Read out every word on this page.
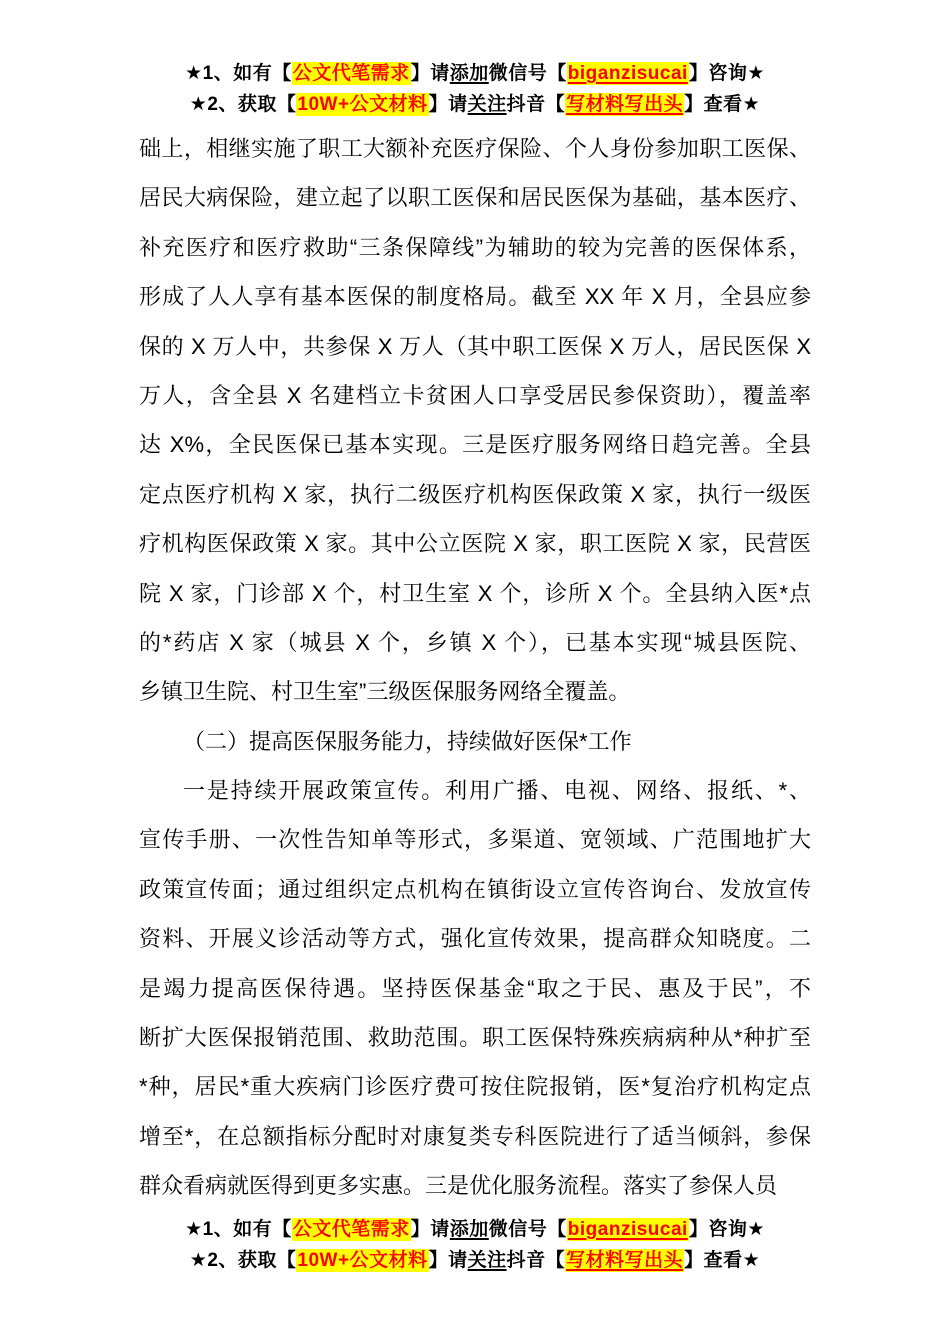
★1、如有【公文代笔需求】请添加微信号【biganzisucai】咨询★
★2、获取【10W+公文材料】请关注抖音【写材料写出头】查看★
础上，相继实施了职工大额补充医疗保险、个人身份参加职工医保、
居民大病保险，建立起了以职工医保和居民医保为基础，基本医疗、
补充医疗和医疗救助“三条保障线”为辅助的较为完善的医保体系，
形成了人人享有基本医保的制度格局。截至 XX 年 X 月，全县应参
保的 X 万人中，共参保 X 万人（其中职工医保 X 万人，居民医保 X
万人，含全县 X 名建档立卡贫困人口享受居民参保资助），覆盖率
达 X%，全民医保已基本实现。三是医疗服务网络日趋完善。全县
定点医疗机构 X 家，执行二级医疗机构医保政策 X 家，执行一级医
疗机构医保政策 X 家。其中公立医院 X 家，职工医院 X 家，民营医
院 X 家，门诊部 X 个，村卫生室 X 个，诊所 X 个。全县纳入医*点
的*药店 X 家（城县 X 个，乡镇 X 个），已基本实现“城县医院、
乡镇卫生院、村卫生室”三级医保服务网络全覆盖。
（二）提高医保服务能力，持续做好医保*工作
一是持续开展政策宣传。利用广播、电视、网络、报纸、*、
宣传手册、一次性告知单等形式，多渠道、宽领域、广范围地扩大
政策宣传面；通过组织定点机构在镇街设立宣传咨询台、发放宣传
资料、开展义诊活动等方式，强化宣传效果，提高群众知晓度。二
是竭力提高医保待遇。坚持医保基金“取之于民、惠及于民”，不
断扩大医保报销范围、救助范围。职工医保特殊疾病病种从*种扩至
*种，居民*重大疾病门诊医疗费可按住院报销，医*复治疗机构定点
增至*，在总额指标分配时对康复类专科医院进行了适当倾斜，参保
群众看病就医得到更多实惠。三是优化服务流程。落实了参保人员
★1、如有【公文代笔需求】请添加微信号【biganzisucai】咨询★
★2、获取【10W+公文材料】请关注抖音【写材料写出头】查看★
